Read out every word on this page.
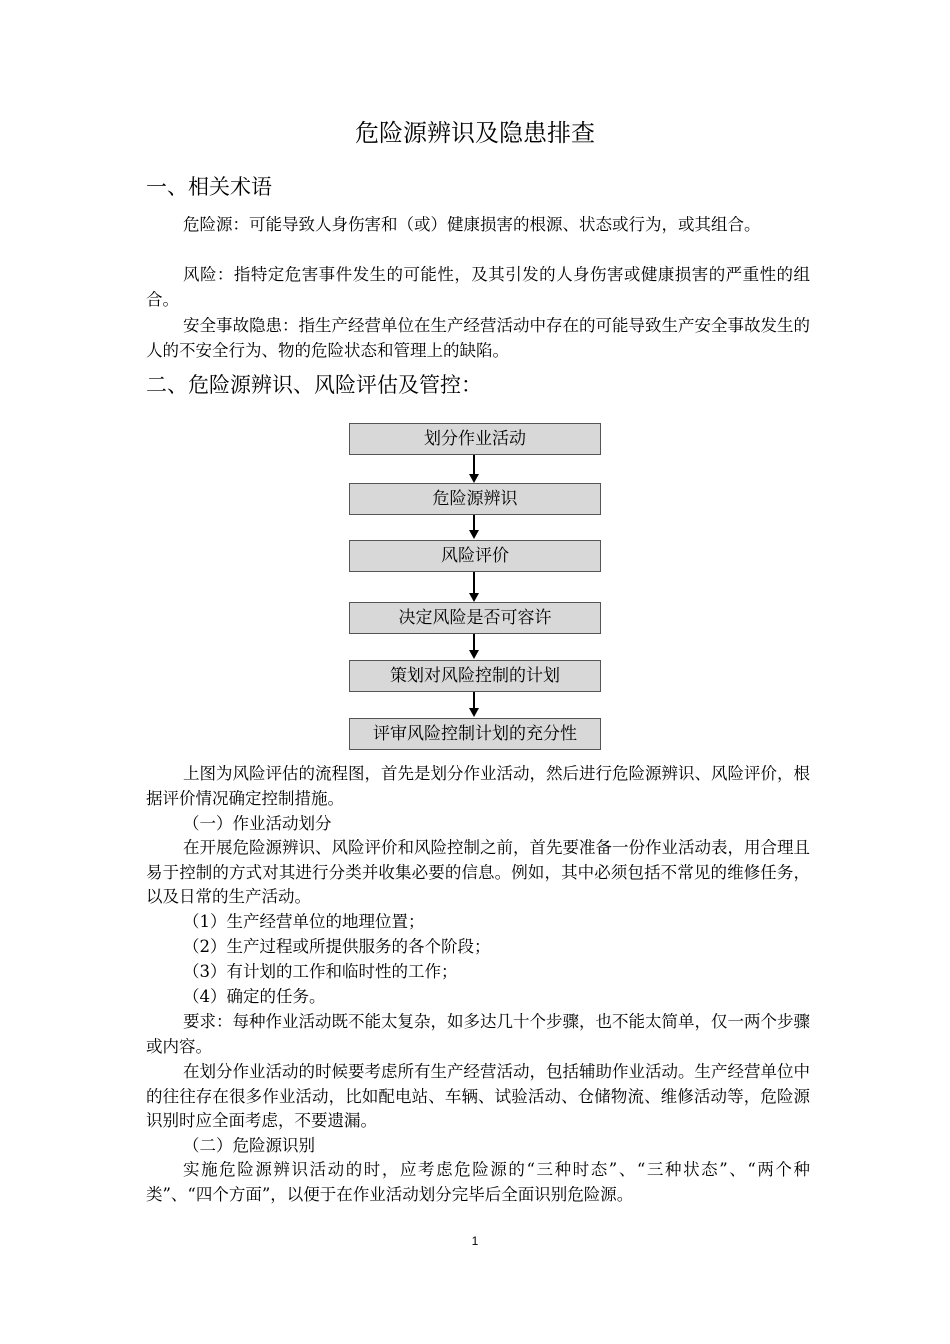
危险源辨识及隐患排查
一、相关术语

危险源：可能导致人身伤害和（或）健康损害的根源、状态或行为，或其组合。

风险：指特定危害事件发生的可能性，及其引发的人身伤害或健康损害的严重性的组合。

安全事故隐患：指生产经营单位在生产经营活动中存在的可能导致生产安全事故发生的人的不安全行为、物的危险状态和管理上的缺陷。

二、危险源辨识、风险评估及管控：
划分作业活动
危险源辨识
风险评价
决定风险是否可容许
策划对风险控制的计划
评审风险控制计划的充分性

上图为风险评估的流程图，首先是划分作业活动，然后进行危险源辨识、风险评价，根据评价情况确定控制措施。

（一）作业活动划分

在开展危险源辨识、风险评价和风险控制之前，首先要准备一份作业活动表，用合理且易于控制的方式对其进行分类并收集必要的信息。例如，其中必须包括不常见的维修任务，以及日常的生产活动。

（1）生产经营单位的地理位置；
（2）生产过程或所提供服务的各个阶段；
（3）有计划的工作和临时性的工作；
（4）确定的任务。

要求：每种作业活动既不能太复杂，如多达几十个步骤，也不能太简单，仅一两个步骤或内容。

在划分作业活动的时候要考虑所有生产经营活动，包括辅助作业活动。生产经营单位中的往往存在很多作业活动，比如配电站、车辆、试验活动、仓储物流、维修活动等，危险源识别时应全面考虑，不要遗漏。

（二）危险源识别

实施危险源辨识活动的时，应考虑危险源的“三种时态”、“三种状态”、“两个种类”、“四个方面”，以便于在作业活动划分完毕后全面识别危险源。

1
